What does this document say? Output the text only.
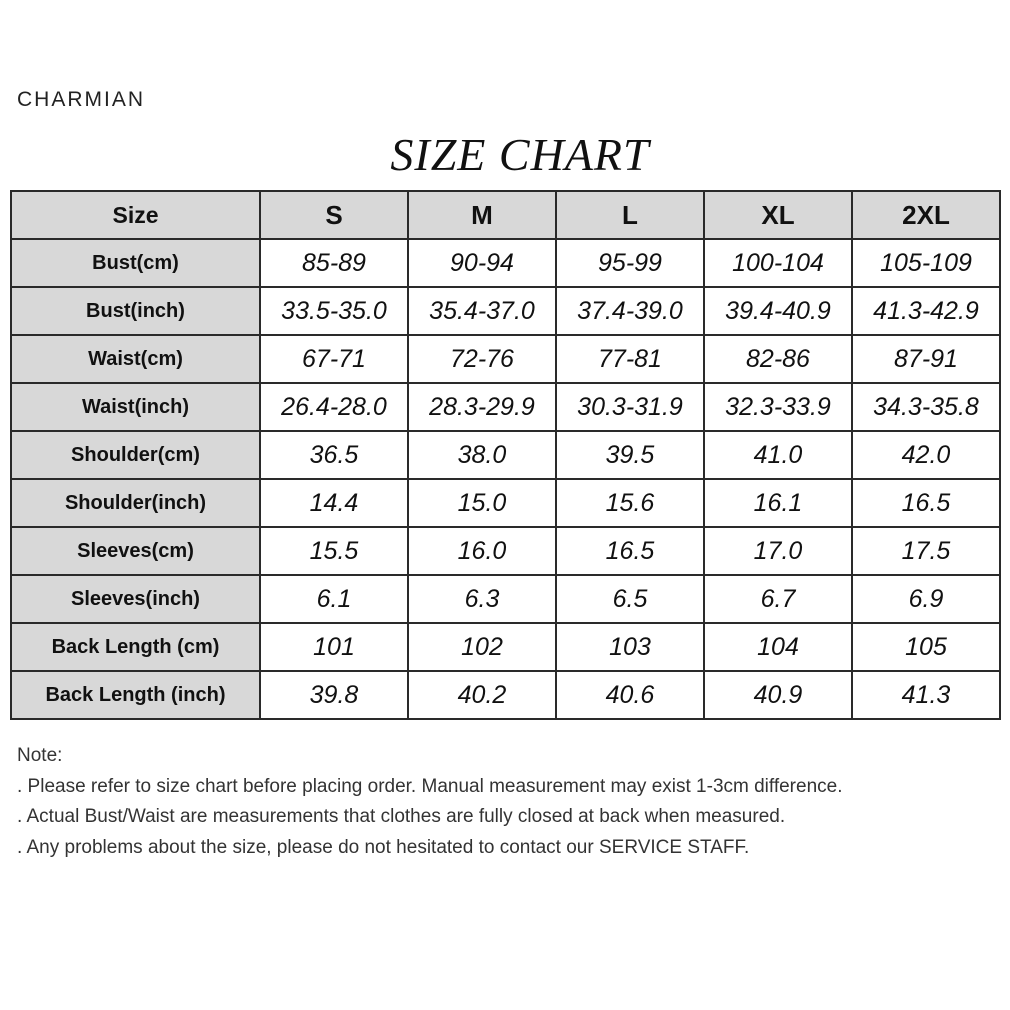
CHARMIAN
SIZE CHART
Size	S	M	L	XL	2XL
Bust(cm)	85-89	90-94	95-99	100-104	105-109
Bust(inch)	33.5-35.0	35.4-37.0	37.4-39.0	39.4-40.9	41.3-42.9
Waist(cm)	67-71	72-76	77-81	82-86	87-91
Waist(inch)	26.4-28.0	28.3-29.9	30.3-31.9	32.3-33.9	34.3-35.8
Shoulder(cm)	36.5	38.0	39.5	41.0	42.0
Shoulder(inch)	14.4	15.0	15.6	16.1	16.5
Sleeves(cm)	15.5	16.0	16.5	17.0	17.5
Sleeves(inch)	6.1	6.3	6.5	6.7	6.9
Back Length (cm)	101	102	103	104	105
Back Length (inch)	39.8	40.2	40.6	40.9	41.3
Note:
. Please refer to size chart before placing order. Manual measurement may exist 1-3cm difference.
. Actual Bust/Waist are measurements that clothes are fully closed at back when measured.
. Any problems about the size, please do not hesitated to contact our SERVICE STAFF.
